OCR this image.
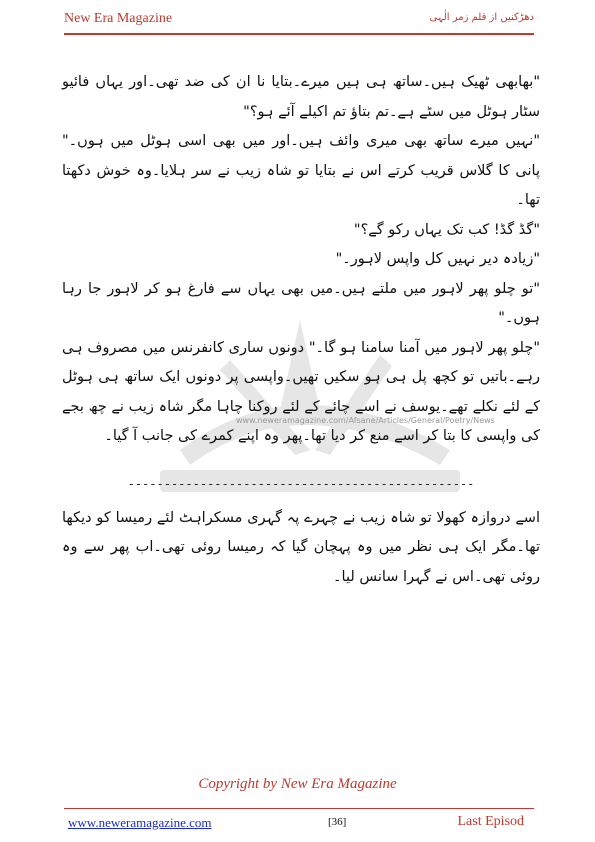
New Era Magazine	دھڑکنیں از قلم زمر الٰہی
www.neweramagazine.com/Afsane/Articles/General/Poetry/News

"بھابھی ٹھیک ہیں۔ساتھ ہی ہیں میرے۔بتایا نا ان کی ضد تھی۔اور یہاں فائیو سٹار ہوٹل میں سٹے ہے۔تم بتاؤ تم اکیلے آئے ہو؟"

"نہیں میرے ساتھ بھی میری وائف ہیں۔اور میں بھی اسی ہوٹل میں ہوں۔" پانی کا گلاس قریب کرتے اس نے بتایا تو شاہ زیب نے سر ہلایا۔وہ خوش دکھتا تھا۔

"گڈ گڈ! کب تک یہاں رکو گے؟"

"زیادہ دیر نہیں کل واپس لاہور۔"

"تو چلو پھر لاہور میں ملتے ہیں۔میں بھی یہاں سے فارغ ہو کر لاہور جا رہا ہوں۔"

"چلو پھر لاہور میں آمنا سامنا ہو گا۔" دونوں ساری کانفرنس میں مصروف ہی رہے۔باتیں تو کچھ پل ہی ہو سکیں تھیں۔واپسی پر دونوں ایک ساتھ ہی ہوٹل کے لئے نکلے تھے۔یوسف نے اسے چائے کے لئے روکنا چاہا مگر شاہ زیب نے چھ بجے کی واپسی کا بتا کر اسے منع کر دیا تھا۔پھر وہ اپنے کمرے کی جانب آ گیا۔

------------------------------------------------

اسے دروازہ کھولا تو شاہ زیب نے چہرے پہ گہری مسکراہٹ لئے رمیسا کو دیکھا تھا۔مگر ایک ہی نظر میں وہ پہچان گیا کہ رمیسا روئی تھی۔اب پھر سے وہ روئی تھی۔اس نے گہرا سانس لیا۔

Copyright by New Era Magazine
www.neweramagazine.com	[36]	Last Episod
